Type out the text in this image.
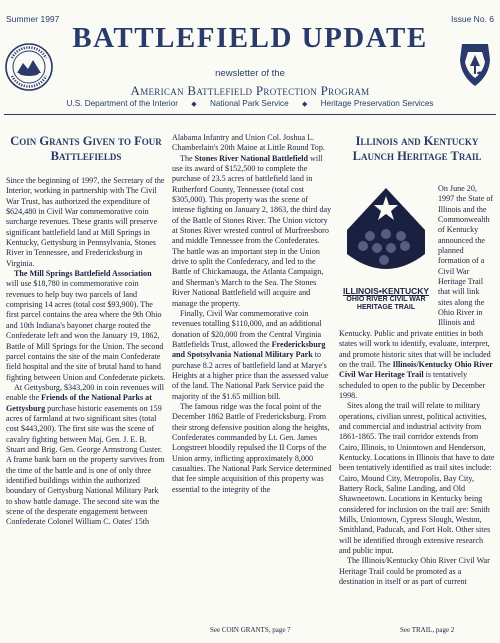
Summer 1997	Issue No. 6
BATTLEFIELD UPDATE
newsletter of the
American Battlefield Protection Program
U.S. Department of the Interior ◆ National Park Service ◆ Heritage Preservation Services
Coin Grants Given to Four Battlefields

Since the beginning of 1997, the Secretary of the Interior, working in partnership with The Civil War Trust, has authorized the expenditure of $624,480 in Civil War commemorative coin surcharge revenues. These grants will preserve significant battlefield land at Mill Springs in Kentucky, Gettysburg in Pennsylvania, Stones River in Tennessee, and Fredericksburg in Virginia.

The Mill Springs Battlefield Association will use $18,780 in commemorative coin revenues to help buy two parcels of land comprising 14 acres (total cost $93,900). The first parcel contains the area where the 9th Ohio and 10th Indiana's bayonet charge routed the Confederate left and won the January 19, 1862, Battle of Mill Springs for the Union. The second parcel contains the site of the main Confederate field hospital and the site of brutal hand to hand fighting between Union and Confederate pickets.

At Gettysburg, $343,200 in coin revenues will enable the Friends of the National Parks at Gettysburg purchase historic easements on 159 acres of farmland at two significant sites (total cost $443,200). The first site was the scene of cavalry fighting between Maj. Gen. J. E. B. Stuart and Brig. Gen. George Armstrong Custer. A frame bank barn on the property survives from the time of the battle and is one of only three identified buildings within the authorized boundary of Gettysburg National Military Park to show battle damage. The second site was the scene of the desperate engagement between Confederate Colonel William C. Oates' 15th

Alabama Infantry and Union Col. Joshua L. Chamberlain's 20th Maine at Little Round Top.

The Stones River National Battlefield will use its award of $152,500 to complete the purchase of 23.5 acres of battlefield land in Rutherford County, Tennessee (total cost $305,000). This property was the scene of intense fighting on January 2, 1863, the third day of the Battle of Stones River. The Union victory at Stones River wrested control of Murfreesboro and middle Tennessee from the Confederates. The battle was an important step in the Union drive to split the Confederacy, and led to the Battle of Chickamauga, the Atlanta Campaign, and Sherman's March to the Sea. The Stones River National Battlefield will acquire and manage the property.

Finally, Civil War commemorative coin revenues totalling $110,000, and an additional donation of $20,000 from the Central Virginia Battlefields Trust, allowed the Fredericksburg and Spotsylvania National Military Park to purchase 8.2 acres of battlefield land at Marye's Heights at a higher price than the assessed value of the land. The National Park Service paid the majority of the $1.65 million bill.

The famous ridge was the focal point of the December 1862 Battle of Fredericksburg. From their strong defensive position along the heights, Confederates commanded by Lt. Gen. James Longstreet bloodily repulsed the II Corps of the Union army, inflicting approximately 8,000 casualties. The National Park Service determined that fee simple acquisition of this property was essential to the integrity of the

See COIN GRANTS, page 7
Illinois and Kentucky Launch Heritage Trail
ILLINOIS•KENTUCKY
OHIO RIVER CIVIL WAR
HERITAGE TRAIL

On June 20, 1997 the State of Illinois and the Commonwealth of Kentucky announced the planned formation of a Civil War Heritage Trail that will link sites along the Ohio River in Illinois and Kentucky. Public and private entities in both states will work to identify, evaluate, interpret, and promote historic sites that will be included on the trail. The Illinois/Kentucky Ohio River Civil War Heritage Trail is tentatively scheduled to open to the public by December 1998.

Sites along the trail will relate to military operations, civilian unrest, political activities, and commercial and industrial activity from 1861-1865. The trail corridor extends from Cairo, Illinois, to Uniontown and Henderson, Kentucky. Locations in Illinois that have to date been tentatively identified as trail sites include: Cairo, Mound City, Metropolis, Bay City, Battery Rock, Saline Landing, and Old Shawneetown. Locations in Kentucky being considered for inclusion on the trail are: Smith Mills, Uniontown, Cypress Slough, Weston, Smithland, Paducah, and Fort Holt. Other sites will be identified through extensive research and public input.

The Illinois/Kentucky Ohio River Civil War Heritage Trail could be promoted as a destination in itself or as part of current

See TRAIL, page 2
